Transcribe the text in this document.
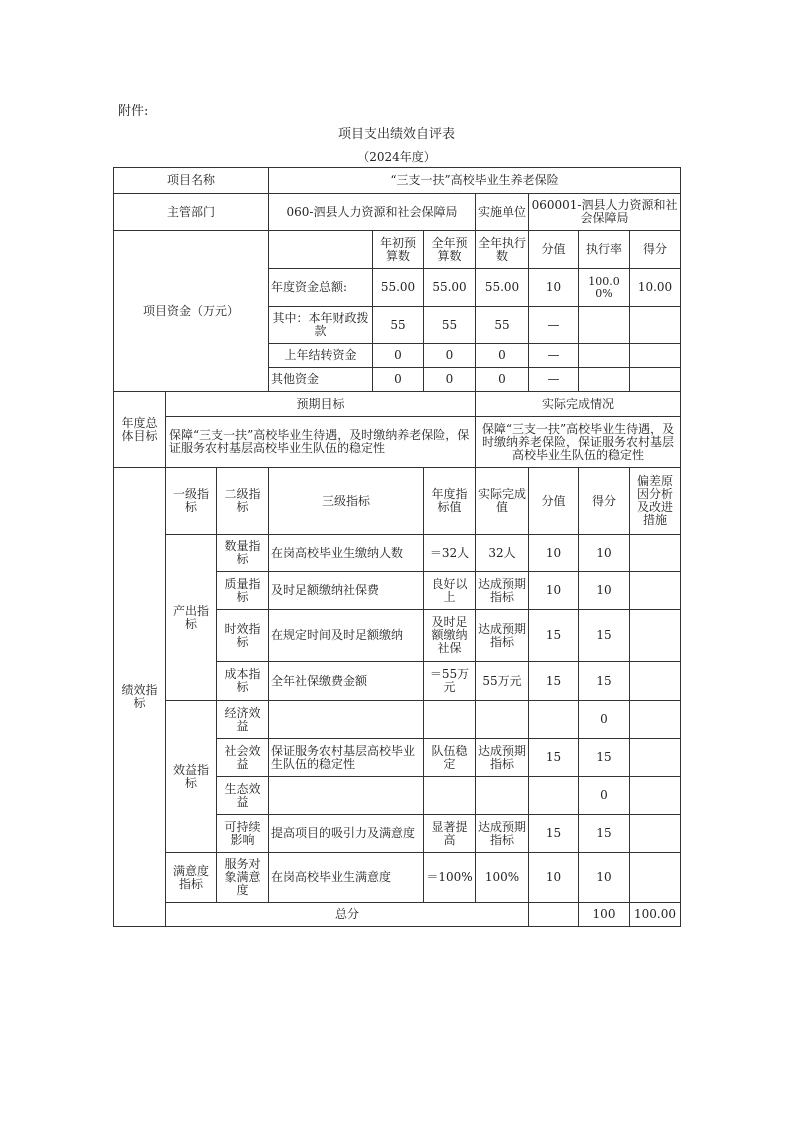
附件:
项目支出绩效自评表
（2024年度）
项目名称			“三支一扶”高校毕业生养老保险							
主管部门			060-泗县人力资源和社会保障局			实施单位	060001-泗县人力资源和社会保障局			
项目资金（万元）				年初预算数	全年预算数	全年执行数	分值	执行率	得分	
			年度资金总额:	55.00	55.00	55.00	10	100.00%	10.00	
			其中：本年财政拨款	55	55	55	—			
			上年结转资金	0	0	0	—			
			其他资金	0	0	0	—			
年度总体目标	预期目标					实际完成情况				
	保障“三支一扶”高校毕业生待遇，及时缴纳养老保险，保证服务农村基层高校毕业生队伍的稳定性					保障“三支一扶”高校毕业生待遇，及时缴纳养老保险，保证服务农村基层高校毕业生队伍的稳定性				
绩效指标	一级指标	二级指标	三级指标		年度指标值	实际完成值	分值	得分	偏差原因分析及改进措施	
	产出指标	数量指标	在岗高校毕业生缴纳人数		＝32人	32人	10	10		
		质量指标	及时足额缴纳社保费		良好以上	达成预期指标	10	10		
		时效指标	在规定时间及时足额缴纳		及时足额缴纳社保	达成预期指标	15	15		
		成本指标	全年社保缴费金额		＝55万元	55万元	15	15		
	效益指标	经济效益						0		
		社会效益	保证服务农村基层高校毕业生队伍的稳定性		队伍稳定	达成预期指标	15	15		
		生态效益						0		
		可持续影响	提高项目的吸引力及满意度		显著提高	达成预期指标	15	15		
	满意度指标	服务对象满意度	在岗高校毕业生满意度		＝100%	100%	10	10		
	总分							100	100.00	
